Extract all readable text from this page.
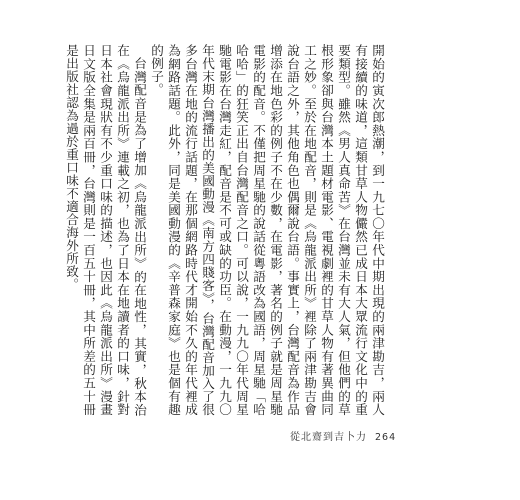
開始的寅次郎熱潮，到一九七〇年代中期出現的兩津勘吉，兩人有接續的味道，這類甘草人物儼然已成日本大眾流行文化中的重要類型。雖然《男人真命苦》在台灣並未有大人氣，但他們的草根形象卻與台灣本土題材電影、電視劇裡的甘草人物有著異曲同工之妙。至於在地配音，則是《烏龍派出所》裡除了兩津勘吉會說台語之外，其他角色也偶爾說台語。事實上，台灣配音為作品增添在地色彩的例子不在少數，在電影，著名的例子就是周星馳電影的配音。不僅把周星馳的說話從粵語改為國語，周星馳「哈哈哈」的狂笑正出自台灣配音之口。可以說，一九九〇年代周星馳電影在台灣走紅，配音是不可或缺的功臣。在動漫，一九九〇年代末期台灣播出的美國動漫《南方四賤客》，台灣配音加入了很多台灣在地的流行話題，在那個網路時代才開始不久的年代裡成為網路話題。此外，同是美國動漫的《辛普森家庭》也是個有趣的例子。

台灣配音是為了增加《烏龍派出所》的在地性，其實，秋本治在《烏龍派出所》連載之初，也為了日本在地讀者的口味，針對日本社會現狀有不少重口味的描述，也因此《烏龍派出所》漫畫日文版全集是兩百冊，台灣則是一百五十冊，其中所差的五十冊是出版社認為過於重口味不適合海外所致。

從北齋到吉卜力 264
